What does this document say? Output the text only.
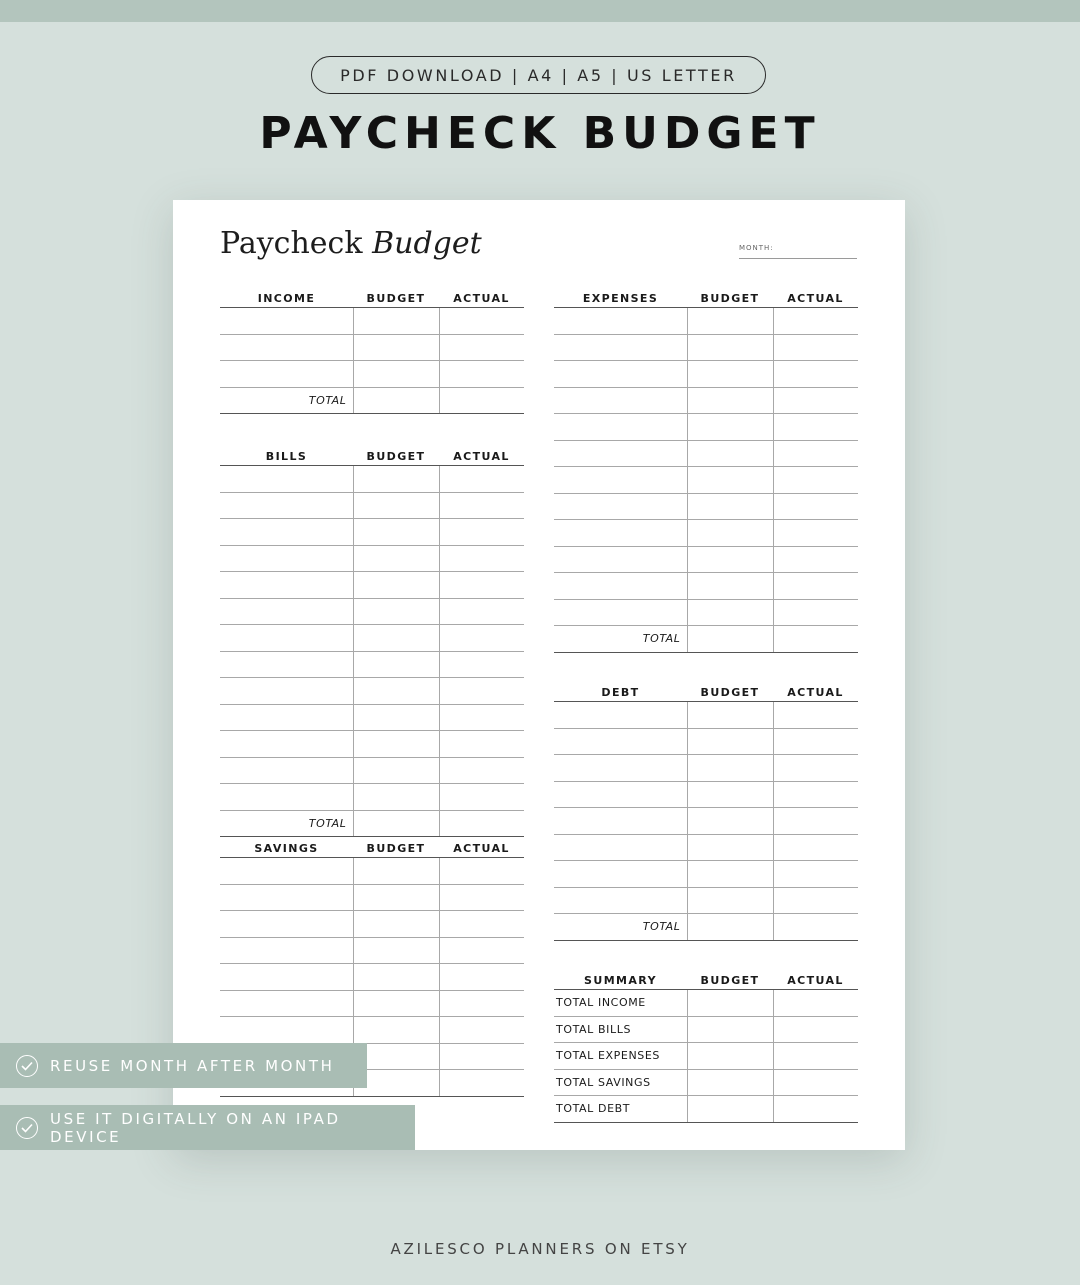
PDF DOWNLOAD | A4 | A5 | US LETTER
PAYCHECK BUDGET
Paycheck Budget	MONTH:
INCOME	BUDGET	ACTUAL

TOTAL		
BILLS	BUDGET	ACTUAL

TOTAL		
SAVINGS	BUDGET	ACTUAL

EXPENSES	BUDGET	ACTUAL

TOTAL		
DEBT	BUDGET	ACTUAL

TOTAL		
SUMMARY	BUDGET	ACTUAL
TOTAL INCOME		
TOTAL BILLS		
TOTAL EXPENSES		
TOTAL SAVINGS		
TOTAL DEBT		
REUSE MONTH AFTER MONTH
USE IT DIGITALLY ON AN IPAD DEVICE
AZILESCO PLANNERS ON ETSY
